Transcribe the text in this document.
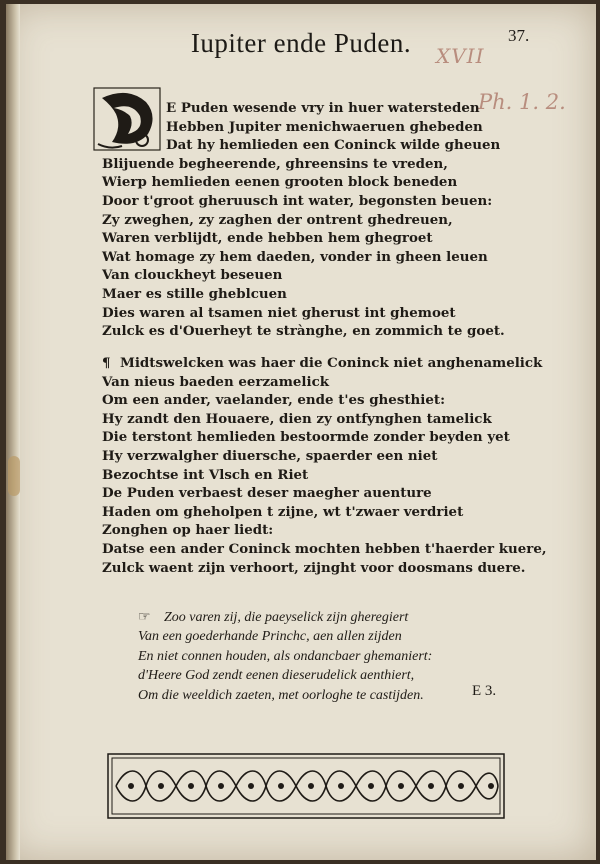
Iupiter ende Puden.	37.
XVII
Ph. 1. 2.
E Puden wesende vry in huer watersteden
Hebben Jupiter menichwaeruen ghebeden
Dat hy hemlieden een Coninck wilde gheuen
Blijuende begheerende, ghreensins te vreden,
Wierp hemlieden eenen grooten block beneden
Door t'groot gheruusch int water, begonsten beuen:
Zy zweghen, zy zaghen der ontrent ghedreuen,
Waren verblijdt, ende hebben hem ghegroet
Wat homage zy hem daeden, vonder in gheen leuen
Van clouckheyt beseuen
Maer es stille gheblcuen
Dies waren al tsamen niet gherust int ghemoet
Zulck es d'Ouerheyt te strànghe, en zommich te goet.
¶ Midtswelcken was haer die Coninck niet anghenamelick
Van nieus baeden eerzamelick
Om een ander, vaelander, ende t'es ghesthiet:
Hy zandt den Houaere, dien zy ontfynghen tamelick
Die terstont hemlieden bestoormde zonder beyden yet
Hy verzwalgher diuersche, spaerder een niet
Bezochtse int Vlsch en Riet
De Puden verbaest deser maegher auenture
Haden om gheholpen t zijne, wt t'zwaer verdriet
Zonghen op haer liedt:
Datse een ander Coninck mochten hebben t'haerder kuere,
Zulck waent zijn verhoort, zijnght voor doosmans duere.
☞ Zoo varen zij, die paeyselick zijn gheregiert
Van een goederhande Princhc, aen allen zijden
En niet connen houden, als ondancbaer ghemaniert:
d'Heere God zendt eenen dieserudelick aenthiert,
Om die weeldich zaeten, met oorloghe te castijden.	E 3.
